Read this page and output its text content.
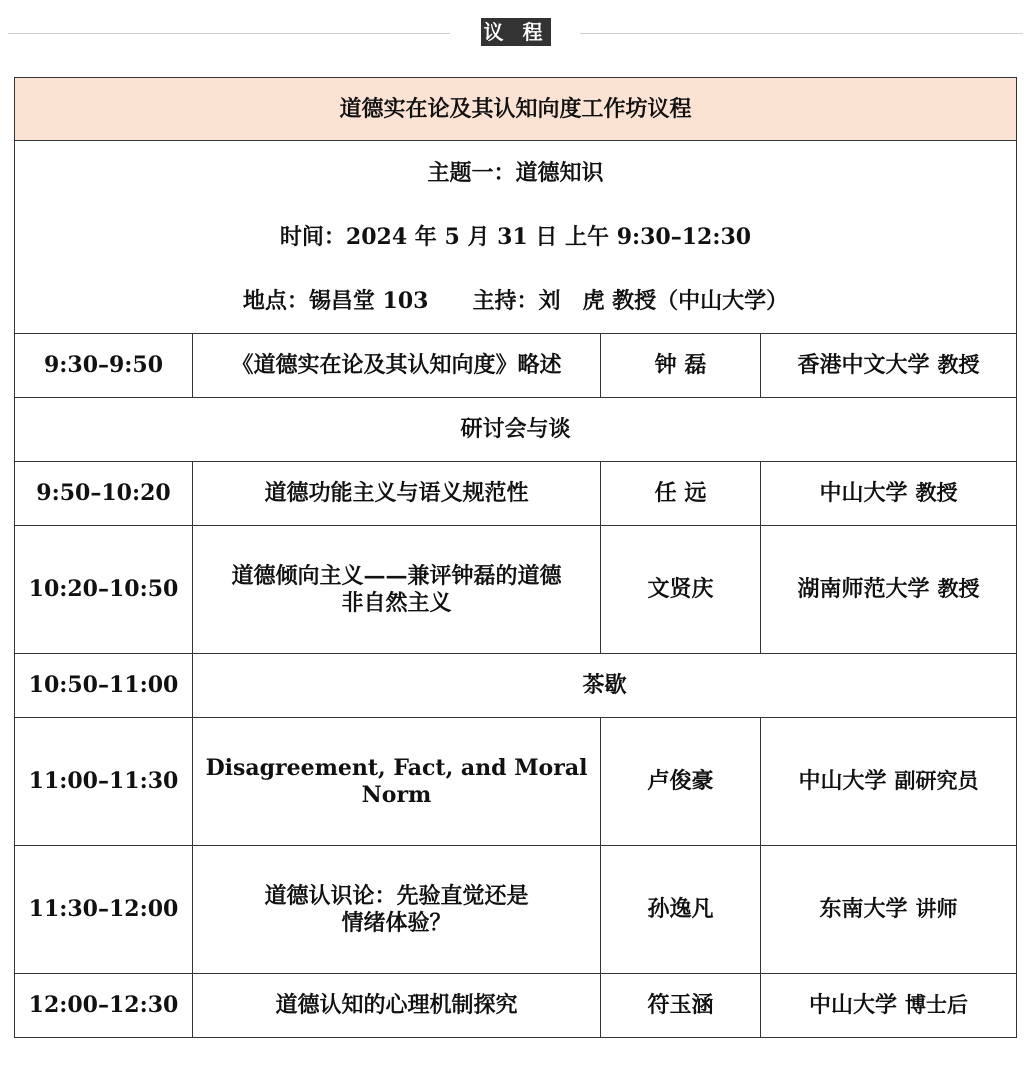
议 程
道德实在论及其认知向度工作坊议程			

主题一：道德知识
时间：2024 年 5 月 31 日 上午 9:30–12:30
地点：锡昌堂 103 主持：刘　虎 教授（中山大学）			

9:30–9:50	《道德实在论及其认知向度》略述	钟 磊	香港中文大学 教授
研讨会与谈			
9:50–10:20	道德功能主义与语义规范性	任 远	中山大学 教授
10:20–10:50	道德倾向主义——兼评钟磊的道德
非自然主义	文贤庆	湖南师范大学 教授
10:50–11:00	茶歇		
11:00–11:30	Disagreement, Fact, and Moral
Norm	卢俊豪	中山大学 副研究员
11:30–12:00	道德认识论：先验直觉还是
情绪体验？	孙逸凡	东南大学 讲师
12:00–12:30	道德认知的心理机制探究	符玉涵	中山大学 博士后
